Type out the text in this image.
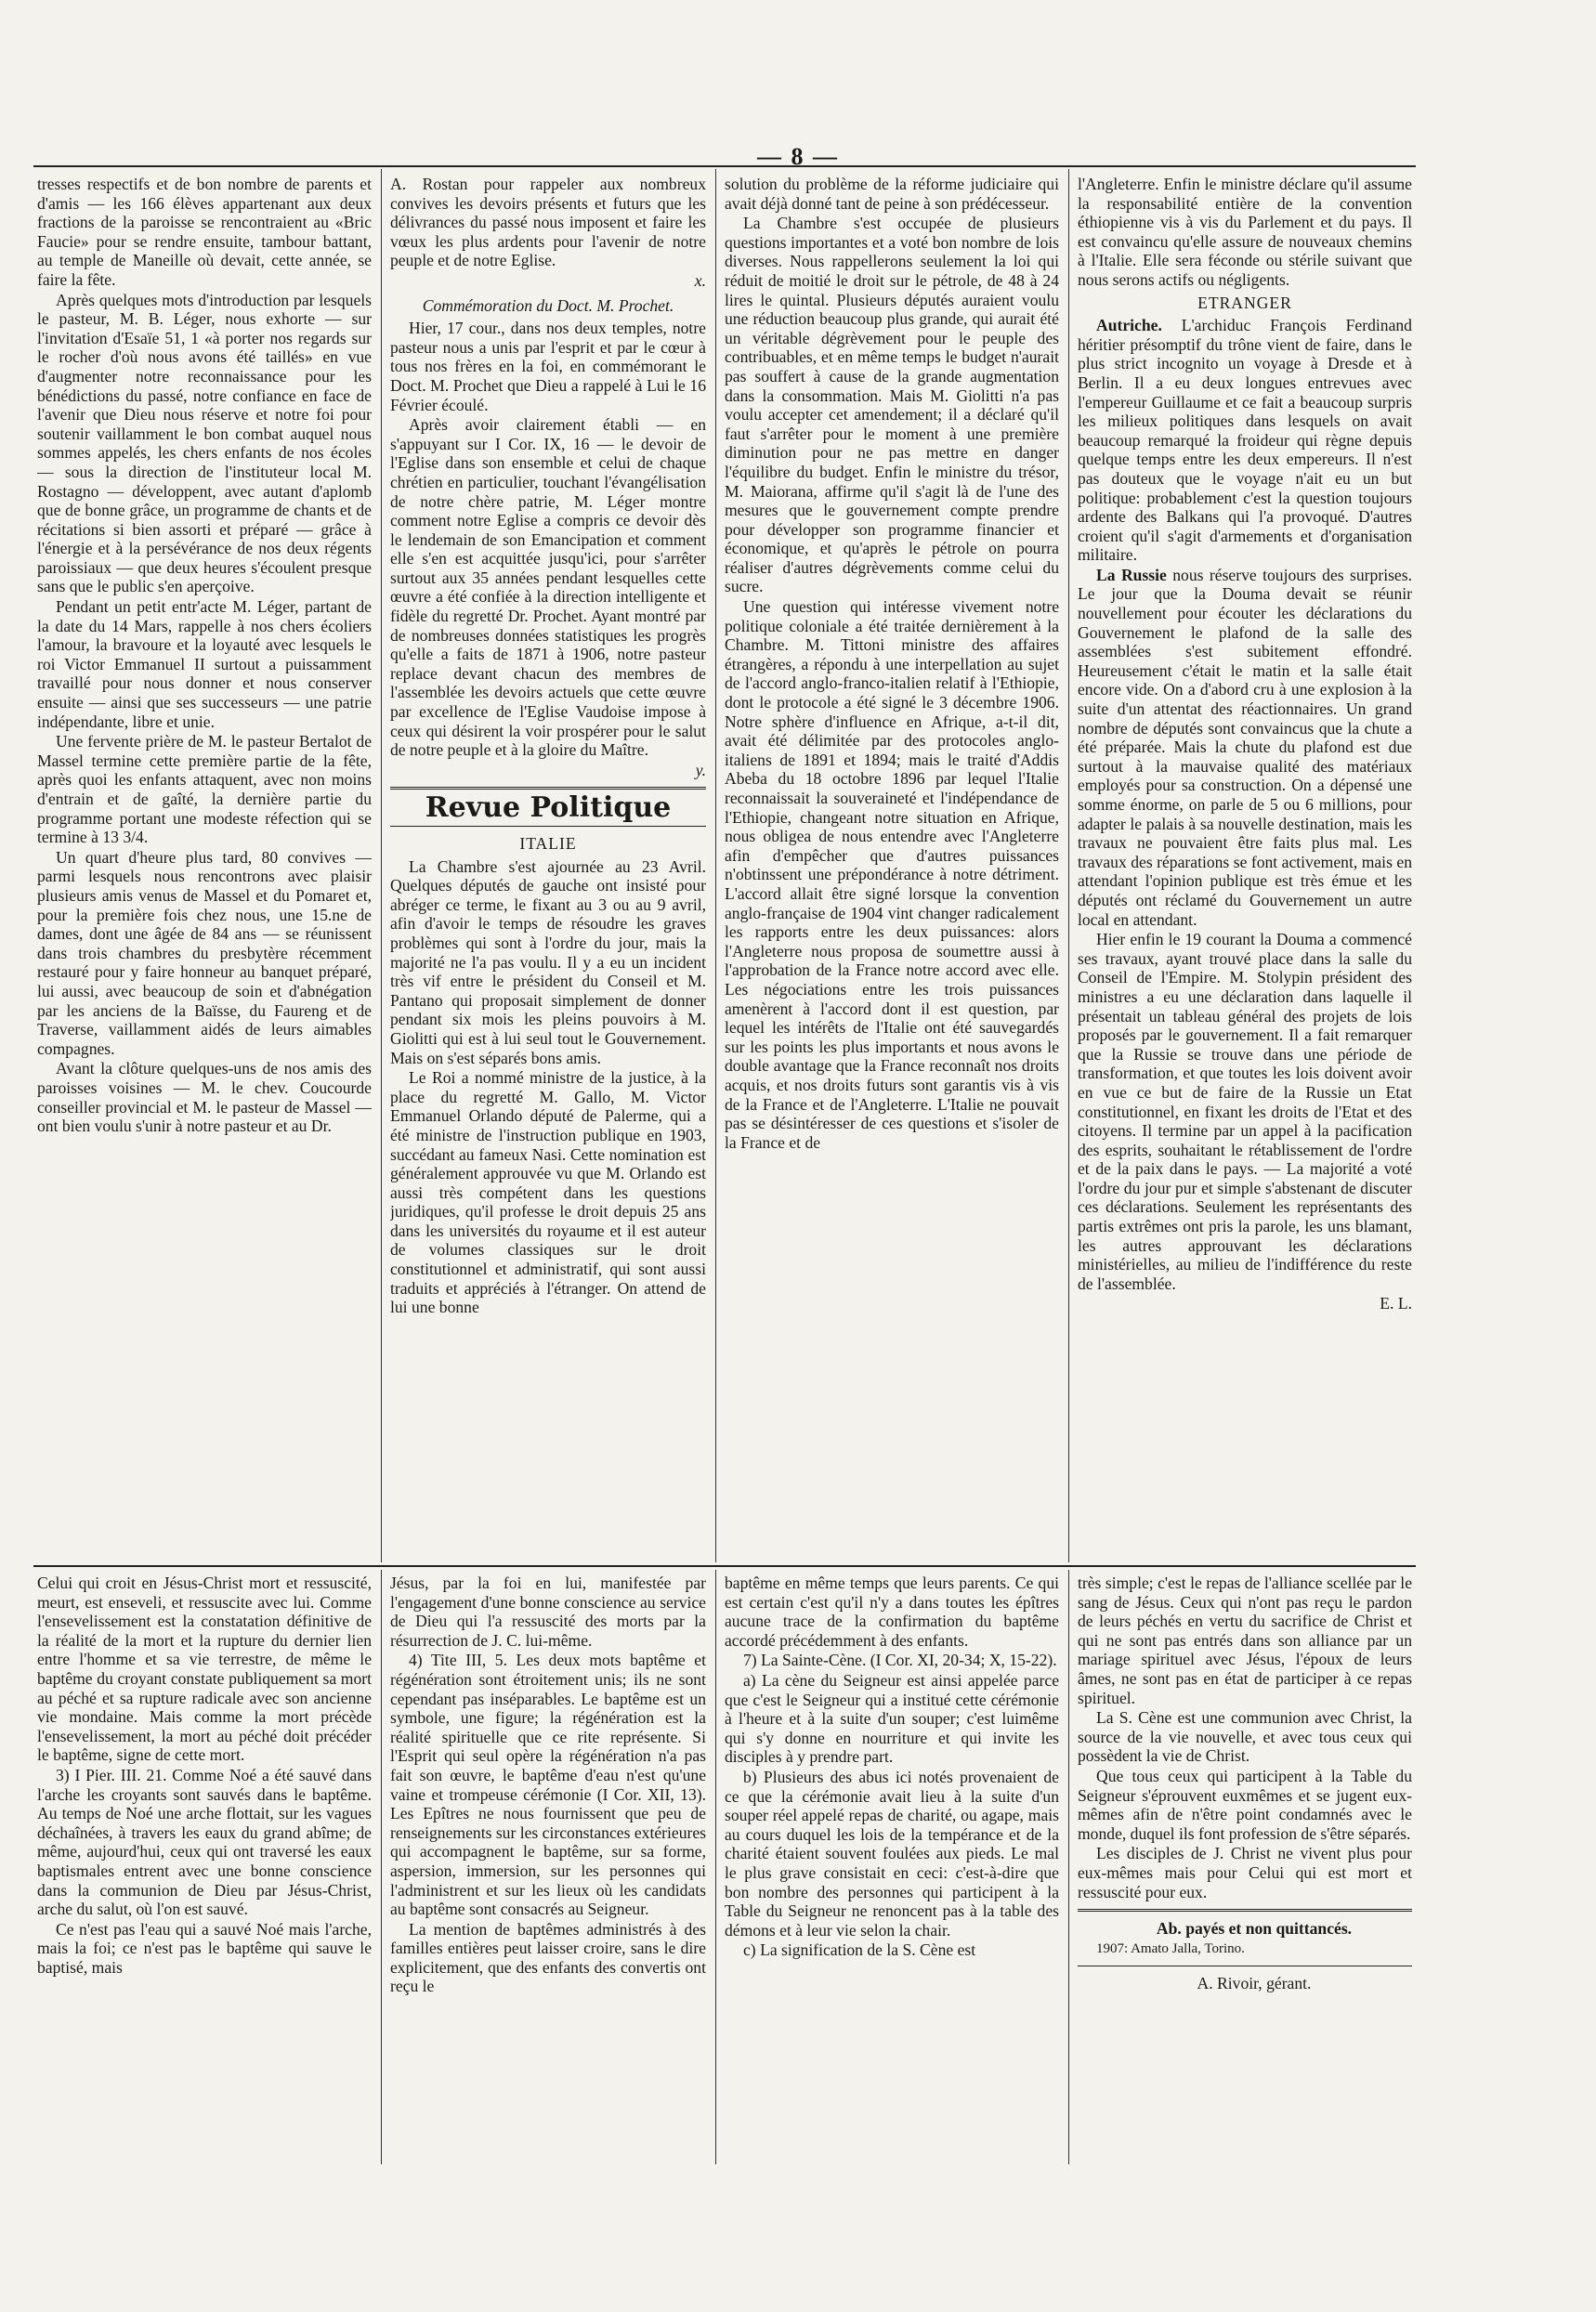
— 8 —

tresses respectifs et de bon nombre de parents et d'amis — les 166 élèves appartenant aux deux fractions de la paroisse se rencontraient au «Bric Faucie» pour se rendre ensuite, tambour battant, au temple de Maneille où devait, cette année, se faire la fête.

Après quelques mots d'introduction par lesquels le pasteur, M. B. Léger, nous exhorte — sur l'invitation d'Esaïe 51, 1 «à porter nos regards sur le rocher d'où nous avons été taillés» en vue d'augmenter notre reconnaissance pour les bénédictions du passé, notre confiance en face de l'avenir que Dieu nous réserve et notre foi pour soutenir vaillamment le bon combat auquel nous sommes appelés, les chers enfants de nos écoles — sous la direction de l'instituteur local M. Rostagno — développent, avec autant d'aplomb que de bonne grâce, un programme de chants et de récitations si bien assorti et préparé — grâce à l'énergie et à la persévérance de nos deux régents paroissiaux — que deux heures s'écoulent presque sans que le public s'en aperçoive.

Pendant un petit entr'acte M. Léger, partant de la date du 14 Mars, rappelle à nos chers écoliers l'amour, la bravoure et la loyauté avec lesquels le roi Victor Emmanuel II surtout a puissamment travaillé pour nous donner et nous conserver ensuite — ainsi que ses successeurs — une patrie indépendante, libre et unie.

Une fervente prière de M. le pasteur Bertalot de Massel termine cette première partie de la fête, après quoi les enfants attaquent, avec non moins d'entrain et de gaîté, la dernière partie du programme portant une modeste réfection qui se termine à 13 3/4.

Un quart d'heure plus tard, 80 convives — parmi lesquels nous rencontrons avec plaisir plusieurs amis venus de Massel et du Pomaret et, pour la première fois chez nous, une 15.ne de dames, dont une âgée de 84 ans — se réunissent dans trois chambres du presbytère récemment restauré pour y faire honneur au banquet préparé, lui aussi, avec beaucoup de soin et d'abnégation par les anciens de la Baïsse, du Faureng et de Traverse, vaillamment aidés de leurs aimables compagnes.

Avant la clôture quelques-uns de nos amis des paroisses voisines — M. le chev. Coucourde conseiller provincial et M. le pasteur de Massel — ont bien voulu s'unir à notre pasteur et au Dr.

A. Rostan pour rappeler aux nombreux convives les devoirs présents et futurs que les délivrances du passé nous imposent et faire les vœux les plus ardents pour l'avenir de notre peuple et de notre Eglise.

x.

Commémoration du Doct. M. Prochet.

Hier, 17 cour., dans nos deux temples, notre pasteur nous a unis par l'esprit et par le cœur à tous nos frères en la foi, en commémorant le Doct. M. Prochet que Dieu a rappelé à Lui le 16 Février écoulé.

Après avoir clairement établi — en s'appuyant sur I Cor. IX, 16 — le devoir de l'Eglise dans son ensemble et celui de chaque chrétien en particulier, touchant l'évangélisation de notre chère patrie, M. Léger montre comment notre Eglise a compris ce devoir dès le lendemain de son Emancipation et comment elle s'en est acquittée jusqu'ici, pour s'arrêter surtout aux 35 années pendant lesquelles cette œuvre a été confiée à la direction intelligente et fidèle du regretté Dr. Prochet. Ayant montré par de nombreuses données statistiques les progrès qu'elle a faits de 1871 à 1906, notre pasteur replace devant chacun des membres de l'assemblée les devoirs actuels que cette œuvre par excellence de l'Eglise Vaudoise impose à ceux qui désirent la voir prospérer pour le salut de notre peuple et à la gloire du Maître.

y.

Revue Politique

ITALIE

La Chambre s'est ajournée au 23 Avril. Quelques députés de gauche ont insisté pour abréger ce terme, le fixant au 3 ou au 9 avril, afin d'avoir le temps de résoudre les graves problèmes qui sont à l'ordre du jour, mais la majorité ne l'a pas voulu. Il y a eu un incident très vif entre le président du Conseil et M. Pantano qui proposait simplement de donner pendant six mois les pleins pouvoirs à M. Giolitti qui est à lui seul tout le Gouvernement. Mais on s'est séparés bons amis.

Le Roi a nommé ministre de la justice, à la place du regretté M. Gallo, M. Victor Emmanuel Orlando député de Palerme, qui a été ministre de l'instruction publique en 1903, succédant au fameux Nasi. Cette nomination est généralement approuvée vu que M. Orlando est aussi très compétent dans les questions juridiques, qu'il professe le droit depuis 25 ans dans les universités du royaume et il est auteur de volumes classiques sur le droit constitutionnel et administratif, qui sont aussi traduits et appréciés à l'étranger. On attend de lui une bonne

solution du problème de la réforme judiciaire qui avait déjà donné tant de peine à son prédécesseur.

La Chambre s'est occupée de plusieurs questions importantes et a voté bon nombre de lois diverses. Nous rappellerons seulement la loi qui réduit de moitié le droit sur le pétrole, de 48 à 24 lires le quintal. Plusieurs députés auraient voulu une réduction beaucoup plus grande, qui aurait été un véritable dégrèvement pour le peuple des contribuables, et en même temps le budget n'aurait pas souffert à cause de la grande augmentation dans la consommation. Mais M. Giolitti n'a pas voulu accepter cet amendement; il a déclaré qu'il faut s'arrêter pour le moment à une première diminution pour ne pas mettre en danger l'équilibre du budget. Enfin le ministre du trésor, M. Maiorana, affirme qu'il s'agit là de l'une des mesures que le gouvernement compte prendre pour développer son programme financier et économique, et qu'après le pétrole on pourra réaliser d'autres dégrèvements comme celui du sucre.

Une question qui intéresse vivement notre politique coloniale a été traitée dernièrement à la Chambre. M. Tittoni ministre des affaires étrangères, a répondu à une interpellation au sujet de l'accord anglo-franco-italien relatif à l'Ethiopie, dont le protocole a été signé le 3 décembre 1906. Notre sphère d'influence en Afrique, a-t-il dit, avait été délimitée par des protocoles anglo-italiens de 1891 et 1894; mais le traité d'Addis Abeba du 18 octobre 1896 par lequel l'Italie reconnaissait la souveraineté et l'indépendance de l'Ethiopie, changeant notre situation en Afrique, nous obligea de nous entendre avec l'Angleterre afin d'empêcher que d'autres puissances n'obtinssent une prépondérance à notre détriment. L'accord allait être signé lorsque la convention anglo-française de 1904 vint changer radicalement les rapports entre les deux puissances: alors l'Angleterre nous proposa de soumettre aussi à l'approbation de la France notre accord avec elle. Les négociations entre les trois puissances amenèrent à l'accord dont il est question, par lequel les intérêts de l'Italie ont été sauvegardés sur les points les plus importants et nous avons le double avantage que la France reconnaît nos droits acquis, et nos droits futurs sont garantis vis à vis de la France et de l'Angleterre. L'Italie ne pouvait pas se désintéresser de ces questions et s'isoler de la France et de

l'Angleterre. Enfin le ministre déclare qu'il assume la responsabilité entière de la convention éthiopienne vis à vis du Parlement et du pays. Il est convaincu qu'elle assure de nouveaux chemins à l'Italie. Elle sera féconde ou stérile suivant que nous serons actifs ou négligents.

ETRANGER

Autriche. L'archiduc François Ferdinand héritier présomptif du trône vient de faire, dans le plus strict incognito un voyage à Dresde et à Berlin. Il a eu deux longues entrevues avec l'empereur Guillaume et ce fait a beaucoup surpris les milieux politiques dans lesquels on avait beaucoup remarqué la froideur qui règne depuis quelque temps entre les deux empereurs. Il n'est pas douteux que le voyage n'ait eu un but politique: probablement c'est la question toujours ardente des Balkans qui l'a provoqué. D'autres croient qu'il s'agit d'armements et d'organisation militaire.

La Russie nous réserve toujours des surprises. Le jour que la Douma devait se réunir nouvellement pour écouter les déclarations du Gouvernement le plafond de la salle des assemblées s'est subitement effondré. Heureusement c'était le matin et la salle était encore vide. On a d'abord cru à une explosion à la suite d'un attentat des réactionnaires. Un grand nombre de députés sont convaincus que la chute a été préparée. Mais la chute du plafond est due surtout à la mauvaise qualité des matériaux employés pour sa construction. On a dépensé une somme énorme, on parle de 5 ou 6 millions, pour adapter le palais à sa nouvelle destination, mais les travaux ne pouvaient être faits plus mal. Les travaux des réparations se font activement, mais en attendant l'opinion publique est très émue et les députés ont réclamé du Gouvernement un autre local en attendant.

Hier enfin le 19 courant la Douma a commencé ses travaux, ayant trouvé place dans la salle du Conseil de l'Empire. M. Stolypin président des ministres a eu une déclaration dans laquelle il présentait un tableau général des projets de lois proposés par le gouvernement. Il a fait remarquer que la Russie se trouve dans une période de transformation, et que toutes les lois doivent avoir en vue ce but de faire de la Russie un Etat constitutionnel, en fixant les droits de l'Etat et des citoyens. Il termine par un appel à la pacification des esprits, souhaitant le rétablissement de l'ordre et de la paix dans le pays. — La majorité a voté l'ordre du jour pur et simple s'abstenant de discuter ces déclarations. Seulement les représentants des partis extrêmes ont pris la parole, les uns blamant, les autres approuvant les déclarations ministérielles, au milieu de l'indifférence du reste de l'assemblée.

E. L.

Celui qui croit en Jésus-Christ mort et ressuscité, meurt, est enseveli, et ressuscite avec lui. Comme l'ensevelissement est la constatation définitive de la réalité de la mort et la rupture du dernier lien entre l'homme et sa vie terrestre, de même le baptême du croyant constate publiquement sa mort au péché et sa rupture radicale avec son ancienne vie mondaine. Mais comme la mort précède l'ensevelissement, la mort au péché doit précéder le baptême, signe de cette mort.

3) I Pier. III. 21. Comme Noé a été sauvé dans l'arche les croyants sont sauvés dans le baptême. Au temps de Noé une arche flottait, sur les vagues déchaînées, à travers les eaux du grand abîme; de même, aujourd'hui, ceux qui ont traversé les eaux baptismales entrent avec une bonne conscience dans la communion de Dieu par Jésus-Christ, arche du salut, où l'on est sauvé.

Ce n'est pas l'eau qui a sauvé Noé mais l'arche, mais la foi; ce n'est pas le baptême qui sauve le baptisé, mais

Jésus, par la foi en lui, manifestée par l'engagement d'une bonne conscience au service de Dieu qui l'a ressuscité des morts par la résurrection de J. C. lui-même.

4) Tite III, 5. Les deux mots baptême et régénération sont étroitement unis; ils ne sont cependant pas inséparables. Le baptême est un symbole, une figure; la régénération est la réalité spirituelle que ce rite représente. Si l'Esprit qui seul opère la régénération n'a pas fait son œuvre, le baptême d'eau n'est qu'une vaine et trompeuse cérémonie (I Cor. XII, 13). Les Epîtres ne nous fournissent que peu de renseignements sur les circonstances extérieures qui accompagnent le baptême, sur sa forme, aspersion, immersion, sur les personnes qui l'administrent et sur les lieux où les candidats au baptême sont consacrés au Seigneur.

La mention de baptêmes administrés à des familles entières peut laisser croire, sans le dire explicitement, que des enfants des convertis ont reçu le

baptême en même temps que leurs parents. Ce qui est certain c'est qu'il n'y a dans toutes les épîtres aucune trace de la confirmation du baptême accordé précédemment à des enfants.

7) La Sainte-Cène. (I Cor. XI, 20-34; X, 15-22).

a) La cène du Seigneur est ainsi appelée parce que c'est le Seigneur qui a institué cette cérémonie à l'heure et à la suite d'un souper; c'est luimême qui s'y donne en nourriture et qui invite les disciples à y prendre part.

b) Plusieurs des abus ici notés provenaient de ce que la cérémonie avait lieu à la suite d'un souper réel appelé repas de charité, ou agape, mais au cours duquel les lois de la tempérance et de la charité étaient souvent foulées aux pieds. Le mal le plus grave consistait en ceci: c'est-à-dire que bon nombre des personnes qui participent à la Table du Seigneur ne renoncent pas à la table des démons et à leur vie selon la chair.

c) La signification de la S. Cène est

très simple; c'est le repas de l'alliance scellée par le sang de Jésus. Ceux qui n'ont pas reçu le pardon de leurs péchés en vertu du sacrifice de Christ et qui ne sont pas entrés dans son alliance par un mariage spirituel avec Jésus, l'époux de leurs âmes, ne sont pas en état de participer à ce repas spirituel.

La S. Cène est une communion avec Christ, la source de la vie nouvelle, et avec tous ceux qui possèdent la vie de Christ.

Que tous ceux qui participent à la Table du Seigneur s'éprouvent euxmêmes et se jugent eux-mêmes afin de n'être point condamnés avec le monde, duquel ils font profession de s'être séparés.

Les disciples de J. Christ ne vivent plus pour eux-mêmes mais pour Celui qui est mort et ressuscité pour eux.

Ab. payés et non quittancés.

1907: Amato Jalla, Torino.

A. Rivoir, gérant.
